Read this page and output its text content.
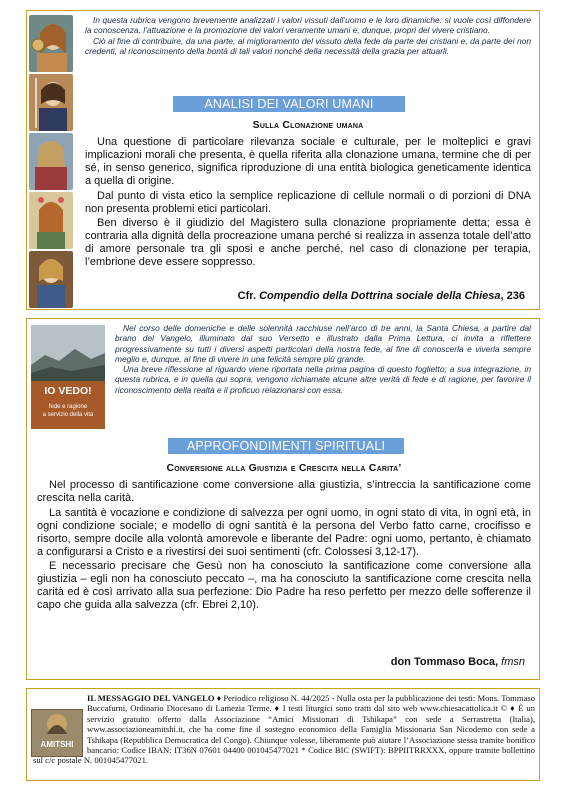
In questa rubrica vengono brevemente analizzati i valori vissuti dall’uomo e le loro dinamiche: si vuole così diffondere la conoscenza, l’attuazione e la promozione dei valori veramente umani e, dunque, propri del vivere cristiano.

Ciò al fine di contribuire, da una parte, al miglioramento del vissuto della fede da parte dei cristiani e, da parte dei non credenti, al riconoscimento della bontà di tali valori nonché della necessità della grazia per attuarli.

ANALISI DEI VALORI UMANI
Sulla Clonazione umana

Una questione di particolare rilevanza sociale e culturale, per le molteplici e gravi implicazioni morali che presenta, è quella riferita alla clonazione umana, termine che di per sé, in senso generico, significa riproduzione di una entità biologica geneticamente identica a quella di origine.

Dal punto di vista etico la semplice replicazione di cellule normali o di porzioni di DNA non presenta problemi etici particolari.

Ben diverso è il giudizio del Magistero sulla clonazione propriamente detta; essa è contraria alla dignità della procreazione umana perché si realizza in assenza totale dell’atto di amore personale tra gli sposi e anche perché, nel caso di clonazione per terapia, l’embrione deve essere soppresso.

Cfr. Compendio della Dottrina sociale della Chiesa, 236
IO VEDO!
fede e ragione
a servizio della vita

Nel corso delle domeniche e delle solennità racchiuse nell’arco di tre anni, la Santa Chiesa, a partire dal brano del Vangelo, illuminato dal suo Versetto e illustrato dalla Prima Lettura, ci invita a riflettere progressivamente su tutti i diversi aspetti particolari della nostra fede, al fine di conoscerla e viverla sempre meglio e, dunque, al fine di vivere in una felicità sempre più grande.

Una breve riflessione al riguardo viene riportata nella prima pagina di questo foglietto; a sua integrazione, in questa rubrica, e in quella qui sopra, vengono richiamate alcune altre verità di fede e di ragione, per favorire il riconoscimento della realtà e il proficuo relazionarsi con essa.

APPROFONDIMENTI SPIRITUALI
Conversione alla Giustizia e Crescita nella Carita’

Nel processo di santificazione come conversione alla giustizia, s’intreccia la santificazione come crescita nella carità.

La santità è vocazione e condizione di salvezza per ogni uomo, in ogni stato di vita, in ogni età, in ogni condizione sociale; e modello di ogni santità è la persona del Verbo fatto carne, crocifisso e risorto, sempre docile alla volontà amorevole e liberante del Padre: ogni uomo, pertanto, è chiamato a configurarsi a Cristo e a rivestirsi dei suoi sentimenti (cfr. Colossesi 3,12-17).

E necessario precisare che Gesù non ha conosciuto la santificazione come conversione alla giustizia – egli non ha conosciuto peccato –, ma ha conosciuto la santificazione come crescita nella carità ed è così arrivato alla sua perfezione: Dio Padre ha reso perfetto per mezzo delle sofferenze il capo che guida alla salvezza (cfr. Ebrei 2,10).

don Tommaso Boca, fmsn
AMITSHI
IL MESSAGGIO DEL VANGELO ♦ Periodico religioso N. 44/2025 - Nulla osta per la pubblicazione dei testi: Mons. Tommaso Buccafurni, Ordinario Diocesano di Lamezia Terme. ♦ I testi liturgici sono tratti dal sito web www.chiesacattolica.it © ♦ È un servizio gratuito offerto dalla Associazione “Amici Missionari di Tshikapa” con sede a Serrastretta (Italia), www.associazioneamitshi.it, che ha come fine il sostegno economico della Famiglia Missionaria San Nicodemo con sede a Tshikapa (Repubblica Democratica del Congo). Chiunque volesse, liberamente può aiutare l’Associazione stessa tramite bonifico bancario: Codice IBAN: IT36N 07601 04400 001045477021 * Codice BIC (SWIFT): BPPIITRRXXX, oppure tramite bollettino sul c/c postale N. 001045477021.
